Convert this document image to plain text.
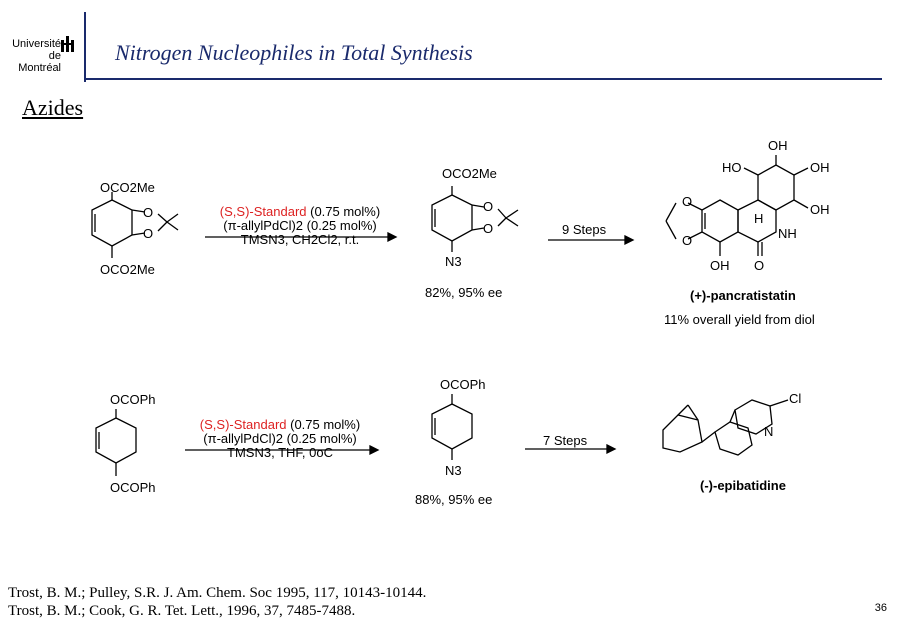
Université
de Montréal
Nitrogen Nucleophiles in Total Synthesis
Azides
OCO2Me
OCO2Me
O
O
(S,S)-Standard (0.75 mol%)
(π-allylPdCl)2 (0.25 mol%)
TMSN3, CH2Cl2, r.t.
OCO2Me
O
O
N3
82%, 95% ee
9 Steps
OH
HO	OH
OH
OH
H
NH
O
O
O
(+)-pancratistatin
11% overall yield from diol
OCOPh
OCOPh
(S,S)-Standard (0.75 mol%)
(π-allylPdCl)2 (0.25 mol%)
TMSN3, THF, 0oC
OCOPh
N3
88%, 95% ee
7 Steps
Cl
N
(-)-epibatidine
Trost, B. M.; Pulley, S.R. J. Am. Chem. Soc 1995, 117, 10143-10144.
Trost, B. M.; Cook, G. R. Tet. Lett., 1996, 37, 7485-7488.	36
